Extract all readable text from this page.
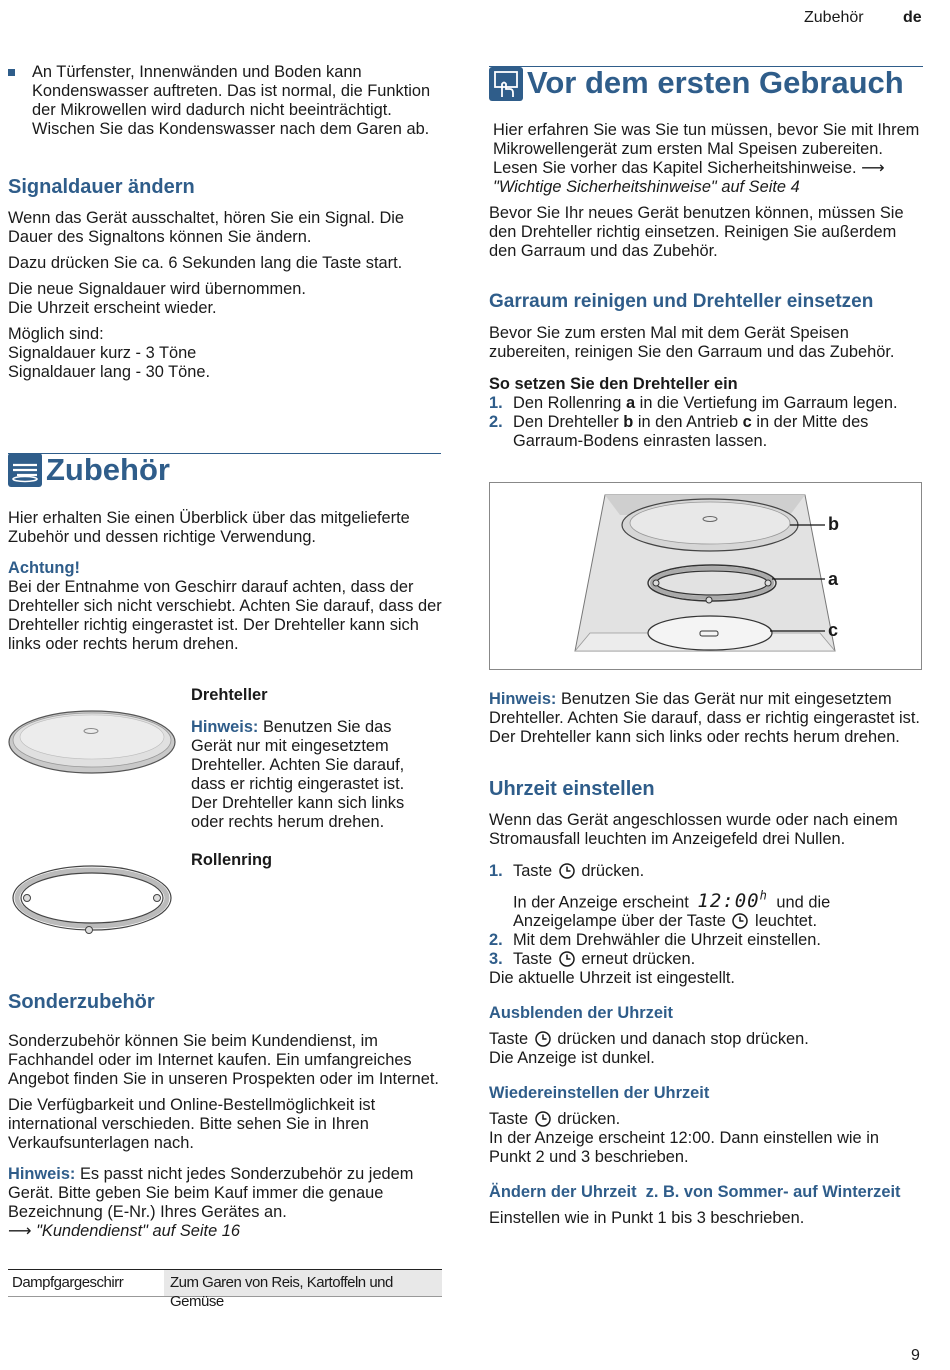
Zubehör de

An Türfenster, Innenwänden und Boden kann Kondenswasser auftreten. Das ist normal, die Funktion der Mikrowellen wird dadurch nicht beeinträchtigt. Wischen Sie das Kondenswasser nach dem Garen ab.

Signaldauer ändern

Wenn das Gerät ausschaltet, hören Sie ein Signal. Die Dauer des Signaltons können Sie ändern.

Dazu drücken Sie ca. 6 Sekunden lang die Taste start.

Die neue Signaldauer wird übernommen.

Die Uhrzeit erscheint wieder.

Möglich sind:

Signaldauer kurz - 3 Töne

Signaldauer lang - 30 Töne.

Zubehör

Hier erhalten Sie einen Überblick über das mitgelieferte Zubehör und dessen richtige Verwendung.

Achtung!

Bei der Entnahme von Geschirr darauf achten, dass der Drehteller sich nicht verschiebt. Achten Sie darauf, dass der Drehteller richtig eingerastet ist. Der Drehteller kann sich links oder rechts herum drehen.

Drehteller

Hinweis: Benutzen Sie das Gerät nur mit eingesetztem Drehteller. Achten Sie darauf, dass er richtig eingerastet ist. Der Drehteller kann sich links oder rechts herum drehen.

Rollenring

Sonderzubehör

Sonderzubehör können Sie beim Kundendienst, im Fachhandel oder im Internet kaufen. Ein umfangreiches Angebot finden Sie in unseren Prospekten oder im Internet.

Die Verfügbarkeit und Online-Bestellmöglichkeit ist international verschieden. Bitte sehen Sie in Ihren Verkaufsunterlagen nach.

Hinweis: Es passt nicht jedes Sonderzubehör zu jedem Gerät. Bitte geben Sie beim Kauf immer die genaue Bezeichnung (E-Nr.) Ihres Gerätes an.

⟶ "Kundendienst" auf Seite 16

Dampfgargeschirr	Zum Garen von Reis, Kartoffeln und Gemüse
Vor dem ersten Gebrauch

Hier erfahren Sie was Sie tun müssen, bevor Sie mit Ihrem Mikrowellengerät zum ersten Mal Speisen zubereiten. Lesen Sie vorher das Kapitel Sicherheitshinweise. ⟶ "Wichtige Sicherheitshinweise" auf Seite 4

Bevor Sie Ihr neues Gerät benutzen können, müssen Sie den Drehteller richtig einsetzen. Reinigen Sie außerdem den Garraum und das Zubehör.

Garraum reinigen und Drehteller einsetzen

Bevor Sie zum ersten Mal mit dem Gerät Speisen zubereiten, reinigen Sie den Garraum und das Zubehör.

So setzen Sie den Drehteller ein

1. Den Rollenring a in die Vertiefung im Garraum legen.
2. Den Drehteller b in den Antrieb c in der Mitte des Garraum-Bodens einrasten lassen.
b
a
c

Hinweis: Benutzen Sie das Gerät nur mit eingesetztem Drehteller. Achten Sie darauf, dass er richtig eingerastet ist. Der Drehteller kann sich links oder rechts herum drehen.

Uhrzeit einstellen

Wenn das Gerät angeschlossen wurde oder nach einem Stromausfall leuchten im Anzeigefeld drei Nullen.

1. Taste drücken.
In der Anzeige erscheint 12:00$^h$ und die
Anzeigelampe über der Taste leuchtet.
2. Mit dem Drehwähler die Uhrzeit einstellen.
3. Taste erneut drücken.

Die aktuelle Uhrzeit ist eingestellt.

Ausblenden der Uhrzeit

Taste drücken und danach stop drücken.

Die Anzeige ist dunkel.

Wiedereinstellen der Uhrzeit

Taste drücken.

In der Anzeige erscheint 12:00. Dann einstellen wie in Punkt 2 und 3 beschrieben.

Ändern der Uhrzeit  z. B. von Sommer- auf Winterzeit

Einstellen wie in Punkt 1 bis 3 beschrieben.

9
